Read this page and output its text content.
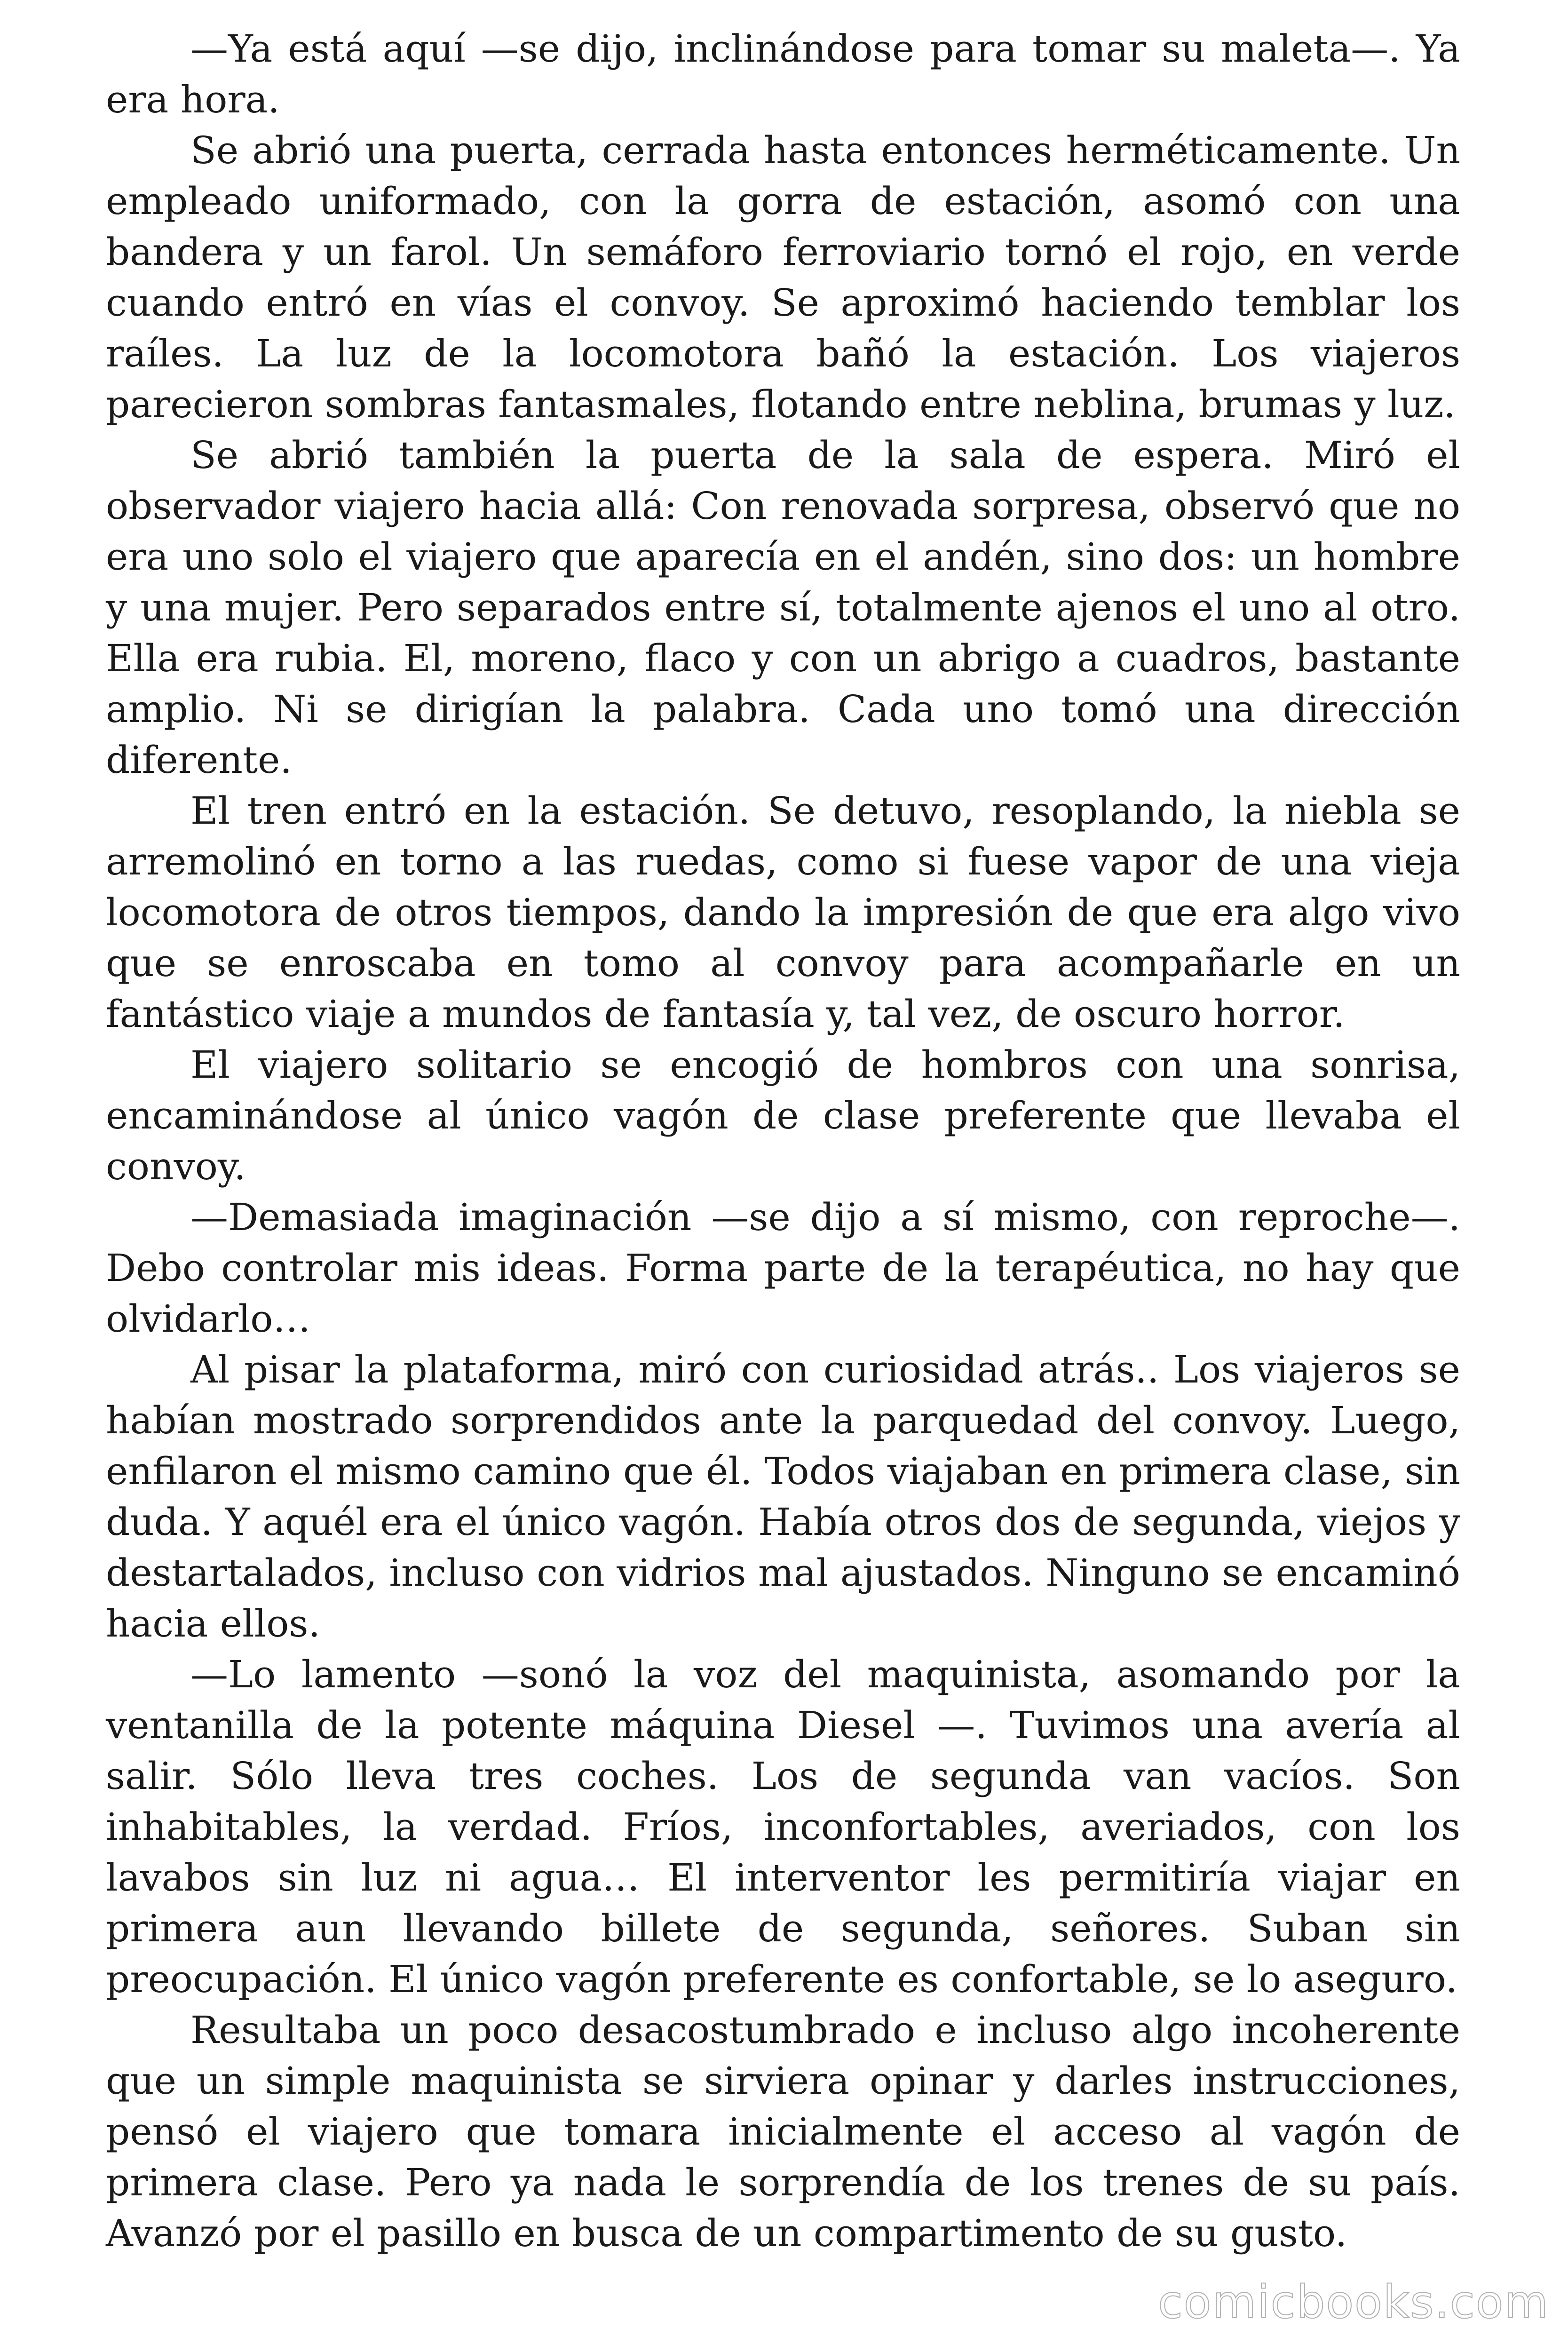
—Ya está aquí —se dijo, inclinándose para tomar su maleta—. Ya era hora.

Se abrió una puerta, cerrada hasta entonces herméticamente. Un empleado uniformado, con la gorra de estación, asomó con una bandera y un farol. Un semáforo ferroviario tornó el rojo, en verde cuando entró en vías el convoy. Se aproximó haciendo temblar los raíles. La luz de la locomotora bañó la estación. Los viajeros parecieron sombras fantasmales, flotando entre neblina, brumas y luz.

Se abrió también la puerta de la sala de espera. Miró el observador viajero hacia allá: Con renovada sorpresa, observó que no era uno solo el viajero que aparecía en el andén, sino dos: un hombre y una mujer. Pero separados entre sí, totalmente ajenos el uno al otro. Ella era rubia. El, moreno, flaco y con un abrigo a cuadros, bastante amplio. Ni se dirigían la palabra. Cada uno tomó una dirección diferente.

El tren entró en la estación. Se detuvo, resoplando, la niebla se arremolinó en torno a las ruedas, como si fuese vapor de una vieja locomotora de otros tiempos, dando la impresión de que era algo vivo que se enroscaba en tomo al convoy para acompañarle en un fantástico viaje a mundos de fantasía y, tal vez, de oscuro horror.

El viajero solitario se encogió de hombros con una sonrisa, encaminándose al único vagón de clase preferente que llevaba el convoy.

—Demasiada imaginación —se dijo a sí mismo, con reproche—. Debo controlar mis ideas. Forma parte de la terapéutica, no hay que olvidarlo…

Al pisar la plataforma, miró con curiosidad atrás.. Los viajeros se habían mostrado sorprendidos ante la parquedad del convoy. Luego, enfilaron el mismo camino que él. Todos viajaban en primera clase, sin duda. Y aquél era el único vagón. Había otros dos de segunda, viejos y destartalados, incluso con vidrios mal ajustados. Ninguno se encaminó hacia ellos.

—Lo lamento —sonó la voz del maquinista, asomando por la ventanilla de la potente máquina Diesel —. Tuvimos una avería al salir. Sólo lleva tres coches. Los de segunda van vacíos. Son inhabitables, la verdad. Fríos, inconfortables, averiados, con los lavabos sin luz ni agua… El interventor les permitiría viajar en primera aun llevando billete de segunda, señores. Suban sin preocupación. El único vagón preferente es confortable, se lo aseguro.

Resultaba un poco desacostumbrado e incluso algo incoherente que un simple maquinista se sirviera opinar y darles instrucciones, pensó el viajero que tomara inicialmente el acceso al vagón de primera clase. Pero ya nada le sorprendía de los trenes de su país. Avanzó por el pasillo en busca de un compartimento de su gusto.

comicbooks.com
